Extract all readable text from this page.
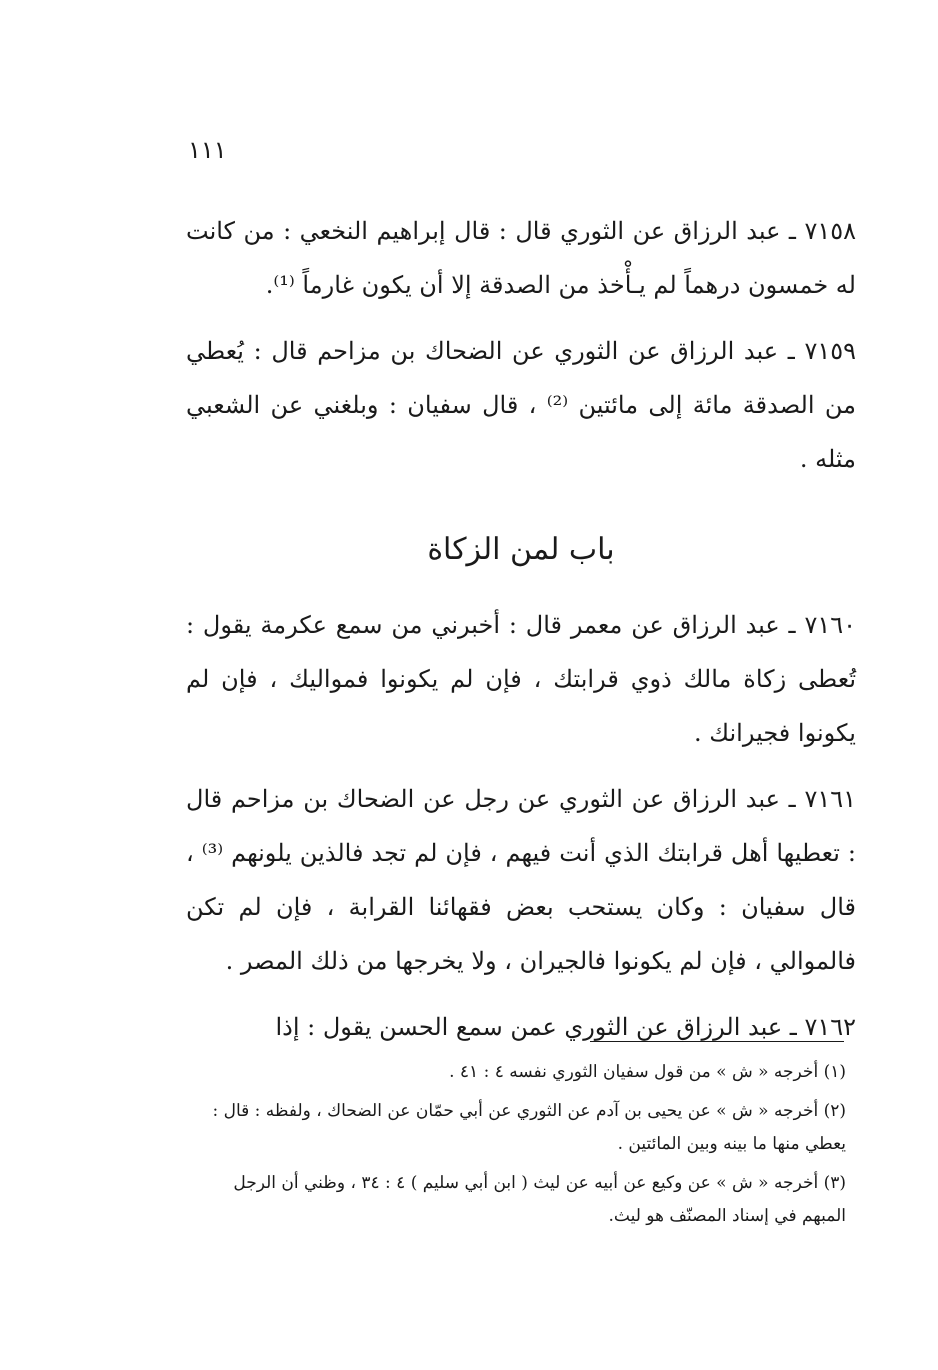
١١١

٧١٥٨ ـ عبد الرزاق عن الثوري قال : قال إبراهيم النخعي : من كانت له خمسون درهماً لم يـأْخذ من الصدقة إلا أن يكون غارماً ⁽¹⁾.

٧١٥٩ ـ عبد الرزاق عن الثوري عن الضحاك بن مزاحم قال : يُعطي من الصدقة مائة إلى مائتين ⁽²⁾ ، قال سفيان : وبلغني عن الشعبي مثله .

باب لمن الزكاة

٧١٦٠ ـ عبد الرزاق عن معمر قال : أخبرني من سمع عكرمة يقول : تُعطى زكاة مالك ذوي قرابتك ، فإن لم يكونوا فمواليك ، فإن لم يكونوا فجيرانك .

٧١٦١ ـ عبد الرزاق عن الثوري عن رجل عن الضحاك بن مزاحم قال : تعطيها أهل قرابتك الذي أنت فيهم ، فإن لم تجد فالذين يلونهم ⁽³⁾ ، قال سفيان : وكان يستحب بعض فقهائنا القرابة ، فإن لم تكن فالموالي ، فإن لم يكونوا فالجيران ، ولا يخرجها من ذلك المصر .

٧١٦٢ ـ عبد الرزاق عن الثوري عمن سمع الحسن يقول : إذا

(١) أخرجه « ش » من قول سفيان الثوري نفسه ٤ : ٤١ .

(٢) أخرجه « ش » عن يحيى بن آدم عن الثوري عن أبي حمّان عن الضحاك ، ولفظه : قال : يعطي منها ما بينه وبين المائتين .

(٣) أخرجه « ش » عن وكيع عن أبيه عن ليث ( ابن أبي سليم ) ٤ : ٣٤ ، وظني أن الرجل المبهم في إسناد المصنّف هو ليث.
